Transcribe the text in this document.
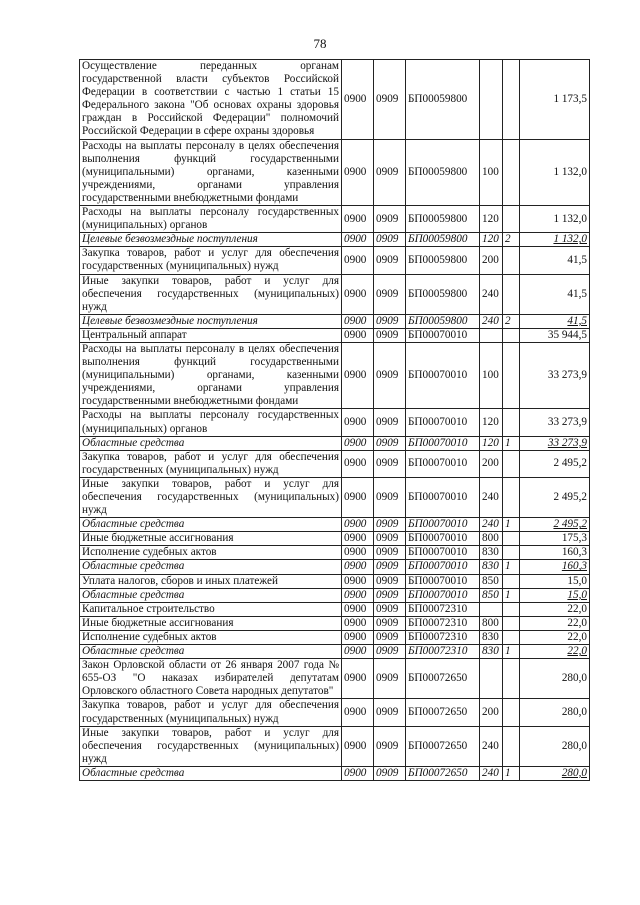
78
Осуществление переданных органам государственной власти субъектов Российской Федерации в соответствии с частью 1 статьи 15 Федерального закона "Об основах охраны здоровья граждан в Российской Федерации" полномочий Российской Федерации в сфере охраны здоровья	0900	0909	БП00059800			1 173,5
Расходы на выплаты персоналу в целях обеспечения выполнения функций государственными (муниципальными) органами, казенными учреждениями, органами управления государственными внебюджетными фондами	0900	0909	БП00059800	100		1 132,0
Расходы на выплаты персоналу государственных (муниципальных) органов	0900	0909	БП00059800	120		1 132,0
Целевые безвозмездные поступления	0900	0909	БП00059800	120	2	1 132,0
Закупка товаров, работ и услуг для обеспечения государственных (муниципальных) нужд	0900	0909	БП00059800	200		41,5
Иные закупки товаров, работ и услуг для обеспечения государственных (муниципальных) нужд	0900	0909	БП00059800	240		41,5
Целевые безвозмездные поступления	0900	0909	БП00059800	240	2	41,5
Центральный аппарат	0900	0909	БП00070010			35 944,5
Расходы на выплаты персоналу в целях обеспечения выполнения функций государственными (муниципальными) органами, казенными учреждениями, органами управления государственными внебюджетными фондами	0900	0909	БП00070010	100		33 273,9
Расходы на выплаты персоналу государственных (муниципальных) органов	0900	0909	БП00070010	120		33 273,9
Областные средства	0900	0909	БП00070010	120	1	33 273,9
Закупка товаров, работ и услуг для обеспечения государственных (муниципальных) нужд	0900	0909	БП00070010	200		2 495,2
Иные закупки товаров, работ и услуг для обеспечения государственных (муниципальных) нужд	0900	0909	БП00070010	240		2 495,2
Областные средства	0900	0909	БП00070010	240	1	2 495,2
Иные бюджетные ассигнования	0900	0909	БП00070010	800		175,3
Исполнение судебных актов	0900	0909	БП00070010	830		160,3
Областные средства	0900	0909	БП00070010	830	1	160,3
Уплата налогов, сборов и иных платежей	0900	0909	БП00070010	850		15,0
Областные средства	0900	0909	БП00070010	850	1	15,0
Капитальное строительство	0900	0909	БП00072310			22,0
Иные бюджетные ассигнования	0900	0909	БП00072310	800		22,0
Исполнение судебных актов	0900	0909	БП00072310	830		22,0
Областные средства	0900	0909	БП00072310	830	1	22,0
Закон Орловской области от 26 января 2007 года № 655-ОЗ "О наказах избирателей депутатам Орловского областного Совета народных депутатов"	0900	0909	БП00072650			280,0
Закупка товаров, работ и услуг для обеспечения государственных (муниципальных) нужд	0900	0909	БП00072650	200		280,0
Иные закупки товаров, работ и услуг для обеспечения государственных (муниципальных) нужд	0900	0909	БП00072650	240		280,0
Областные средства	0900	0909	БП00072650	240	1	280,0
